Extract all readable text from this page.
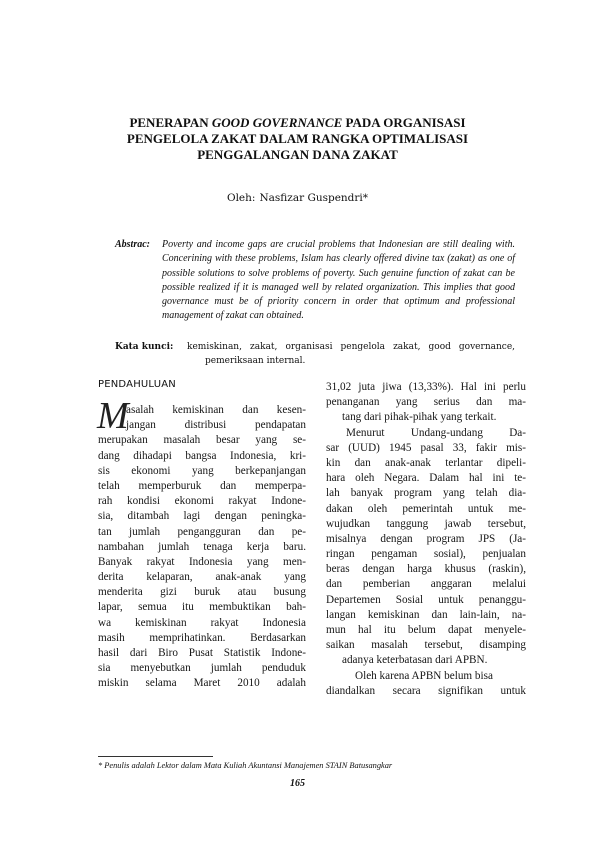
PENERAPAN GOOD GOVERNANCE PADA ORGANISASI
PENGELOLA ZAKAT DALAM RANGKA OPTIMALISASI
PENGGALANGAN DANA ZAKAT
Oleh: Nasfizar Guspendri*
Abstrac: Poverty and income gaps are crucial problems that Indonesian are still dealing with.
Concerining with these problems, Islam has clearly offered divine tax (zakat) as one of
possible solutions to solve problems of poverty. Such genuine function of zakat can be
possible realized if it is managed well by related organization. This implies that good
governance must be of priority concern in order that optimum and professional
management of zakat can obtained.
Kata kunci: kemiskinan, zakat, organisasi pengelola zakat, good governance,
pemeriksaan internal.
PENDAHULUAN
M
asalah kemiskinan dan kesen-
jangan distribusi pendapatan
merupakan masalah besar yang se-
dang dihadapi bangsa Indonesia, kri-
sis ekonomi yang berkepanjangan
telah memperburuk dan memperpa-
rah kondisi ekonomi rakyat Indone-
sia, ditambah lagi dengan peningka-
tan jumlah pengangguran dan pe-
nambahan jumlah tenaga kerja baru.
Banyak rakyat Indonesia yang men-
derita kelaparan, anak-anak yang
menderita gizi buruk atau busung
lapar, semua itu membuktikan bah-
wa kemiskinan rakyat Indonesia
masih memprihatinkan. Berdasarkan
hasil dari Biro Pusat Statistik Indone-
sia menyebutkan jumlah penduduk
miskin selama Maret 2010 adalah
31,02 juta jiwa (13,33%). Hal ini perlu
penanganan yang serius dan ma-
tang dari pihak-pihak yang terkait.
Menurut Undang-undang Da-
sar (UUD) 1945 pasal 33, fakir mis-
kin dan anak-anak terlantar dipeli-
hara oleh Negara. Dalam hal ini te-
lah banyak program yang telah dia-
dakan oleh pemerintah untuk me-
wujudkan tanggung jawab tersebut,
misalnya dengan program JPS (Ja-
ringan pengaman sosial), penjualan
beras dengan harga khusus (raskin),
dan pemberian anggaran melalui
Departemen Sosial untuk penanggu-
langan kemiskinan dan lain-lain, na-
mun hal itu belum dapat menyele-
saikan masalah tersebut, disamping
adanya keterbatasan dari APBN.
Oleh karena APBN belum bisa
diandalkan secara signifikan untuk
* Penulis adalah Lektor dalam Mata Kuliah Akuntansi Manajemen STAIN Batusangkar
165
